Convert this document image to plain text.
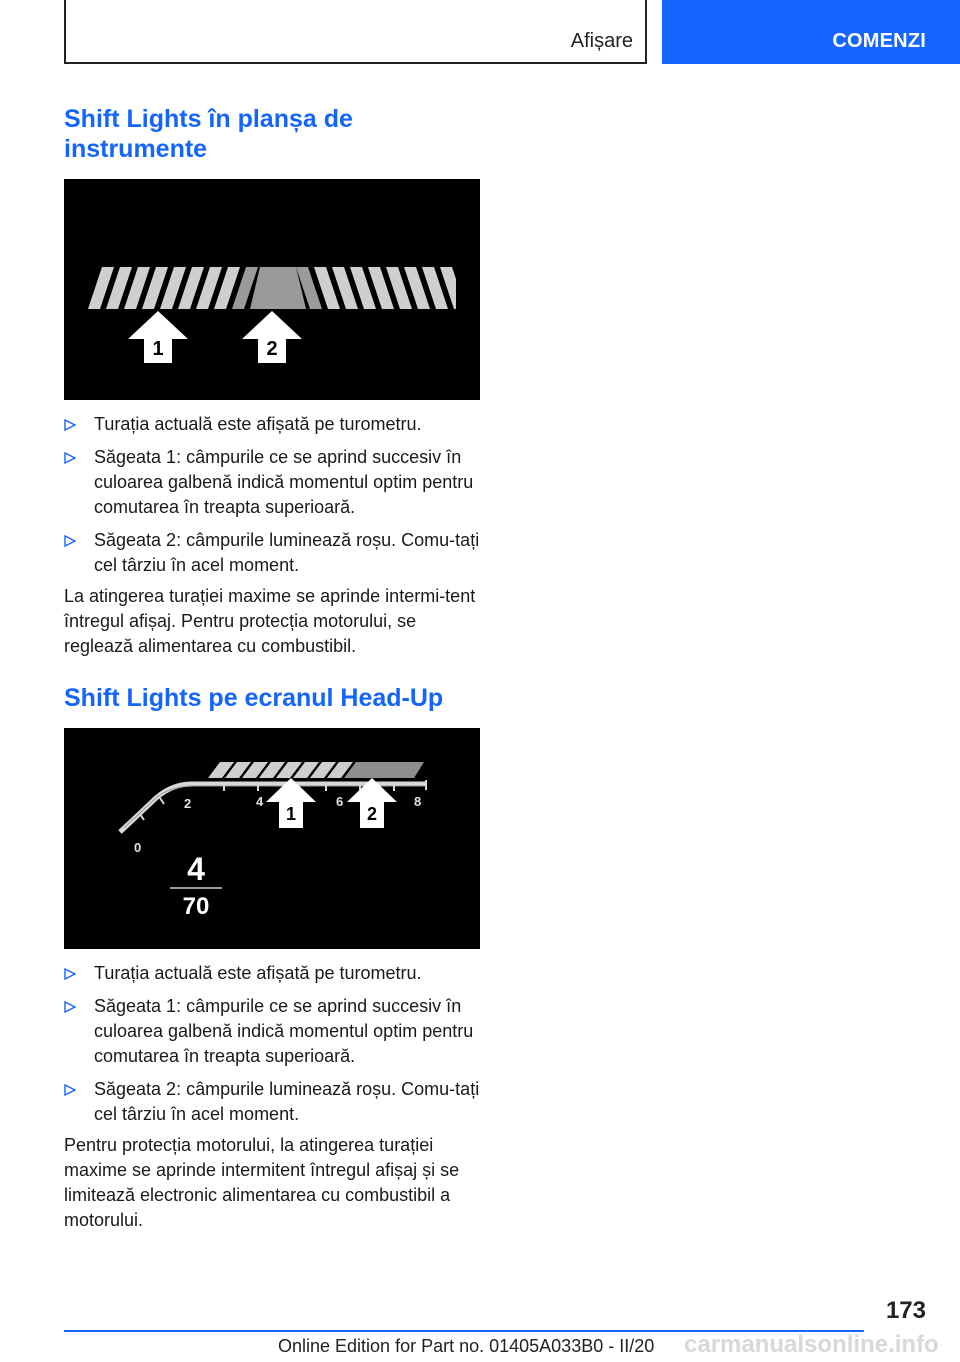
Afișare	COMENZI
Shift Lights în planșa de instrumente
1	2
Turația actuală este afișată pe turometru.
Săgeata 1: câmpurile ce se aprind succesiv în culoarea galbenă indică momentul optim pentru comutarea în treapta superioară.
Săgeata 2: câmpurile luminează roșu. Comu‐tați cel târziu în acel moment.

La atingerea turației maxime se aprinde intermi‐tent întregul afișaj. Pentru protecția motorului, se reglează alimentarea cu combustibil.

Shift Lights pe ecranul Head-Up
0
2	4	6	8
1	2
4
70
Turația actuală este afișată pe turometru.
Săgeata 1: câmpurile ce se aprind succesiv în culoarea galbenă indică momentul optim pentru comutarea în treapta superioară.
Săgeata 2: câmpurile luminează roșu. Comu‐tați cel târziu în acel moment.

Pentru protecția motorului, la atingerea turației maxime se aprinde intermitent întregul afișaj și se limitează electronic alimentarea cu combustibil a motorului.

173
Online Edition for Part no. 01405A033B0 - II/20 carmanualsonline.info
